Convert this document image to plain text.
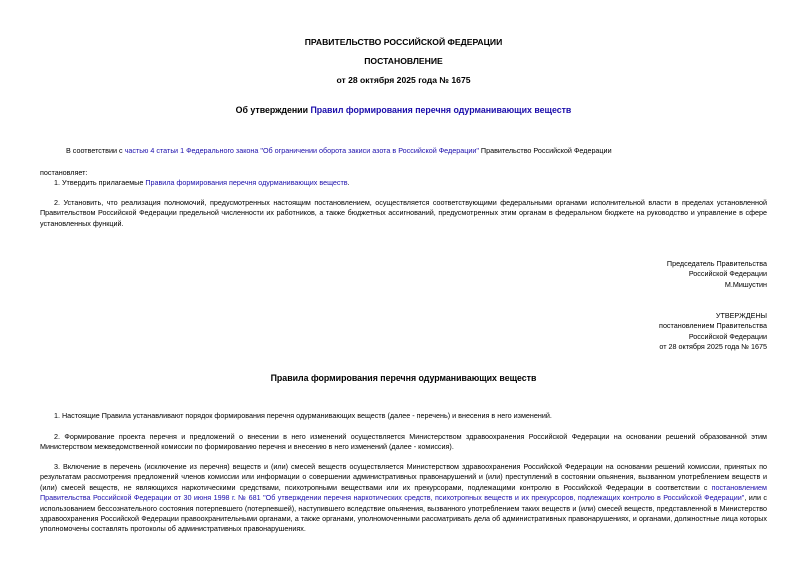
ПРАВИТЕЛЬСТВО РОССИЙСКОЙ ФЕДЕРАЦИИ
ПОСТАНОВЛЕНИЕ
от 28 октября 2025 года № 1675
Об утверждении Правил формирования перечня одурманивающих веществ
В соответствии с частью 4 статьи 1 Федерального закона "Об ограничении оборота закиси азота в Российской Федерации" Правительство Российской Федерации
постановляет:
1. Утвердить прилагаемые Правила формирования перечня одурманивающих веществ.

2. Установить, что реализация полномочий, предусмотренных настоящим постановлением, осуществляется соответствующими федеральными органами исполнительной власти в пределах установленной Правительством Российской Федерации предельной численности их работников, а также бюджетных ассигнований, предусмотренных этим органам в федеральном бюджете на руководство и управление в сфере установленных функций.

Председатель Правительства
Российской Федерации
М.Мишустин
УТВЕРЖДЕНЫ
постановлением Правительства
Российской Федерации
от 28 октября 2025 года № 1675
Правила формирования перечня одурманивающих веществ

1. Настоящие Правила устанавливают порядок формирования перечня одурманивающих веществ (далее - перечень) и внесения в него изменений.

2. Формирование проекта перечня и предложений о внесении в него изменений осуществляется Министерством здравоохранения Российской Федерации на основании решений образованной этим Министерством межведомственной комиссии по формированию перечня и внесению в него изменений (далее - комиссия).

3. Включение в перечень (исключение из перечня) веществ и (или) смесей веществ осуществляется Министерством здравоохранения Российской Федерации на основании решений комиссии, принятых по результатам рассмотрения предложений членов комиссии или информации о совершении административных правонарушений и (или) преступлений в состоянии опьянения, вызванном употреблением веществ и (или) смесей веществ, не являющихся наркотическими средствами, психотропными веществами или их прекурсорами, подлежащими контролю в Российской Федерации в соответствии с постановлением Правительства Российской Федерации от 30 июня 1998 г. № 681 "Об утверждении перечня наркотических средств, психотропных веществ и их прекурсоров, подлежащих контролю в Российской Федерации", или с использованием бессознательного состояния потерпевшего (потерпевшей), наступившего вследствие опьянения, вызванного употреблением таких веществ и (или) смесей веществ, представленной в Министерство здравоохранения Российской Федерации правоохранительными органами, а также органами, уполномоченными рассматривать дела об административных правонарушениях, и органами, должностные лица которых уполномочены составлять протоколы об административных правонарушениях.
